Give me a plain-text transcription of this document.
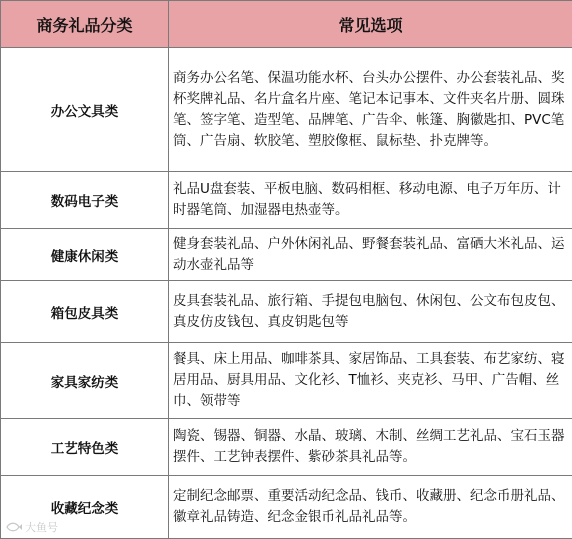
商务礼品分类	常见选项
办公文具类	商务办公名笔、保温功能水杯、台头办公摆件、办公套装礼品、奖杯奖牌礼品、名片盒名片座、笔记本记事本、文件夹名片册、圆珠笔、签字笔、造型笔、品牌笔、广告伞、帐篷、胸徽匙扣、PVC笔筒、广告扇、软胶笔、塑胶像框、鼠标垫、扑克牌等。
数码电子类	礼品U盘套装、平板电脑、数码相框、移动电源、电子万年历、计时器笔筒、加湿器电热壶等。
健康休闲类	健身套装礼品、户外休闲礼品、野餐套装礼品、富硒大米礼品、运动水壶礼品等
箱包皮具类	皮具套装礼品、旅行箱、手提包电脑包、休闲包、公文布包皮包、真皮仿皮钱包、真皮钥匙包等
家具家纺类	餐具、床上用品、咖啡茶具、家居饰品、工具套装、布艺家纺、寝居用品、厨具用品、文化衫、T恤衫、夹克衫、马甲、广告帽、丝巾、领带等
工艺特色类	陶瓷、锡器、铜器、水晶、玻璃、木制、丝绸工艺礼品、宝石玉器摆件、工艺钟表摆件、紫砂茶具礼品等。
收藏纪念类	定制纪念邮票、重要活动纪念品、钱币、收藏册、纪念币册礼品、徽章礼品铸造、纪念金银币礼品礼品等。
大鱼号
